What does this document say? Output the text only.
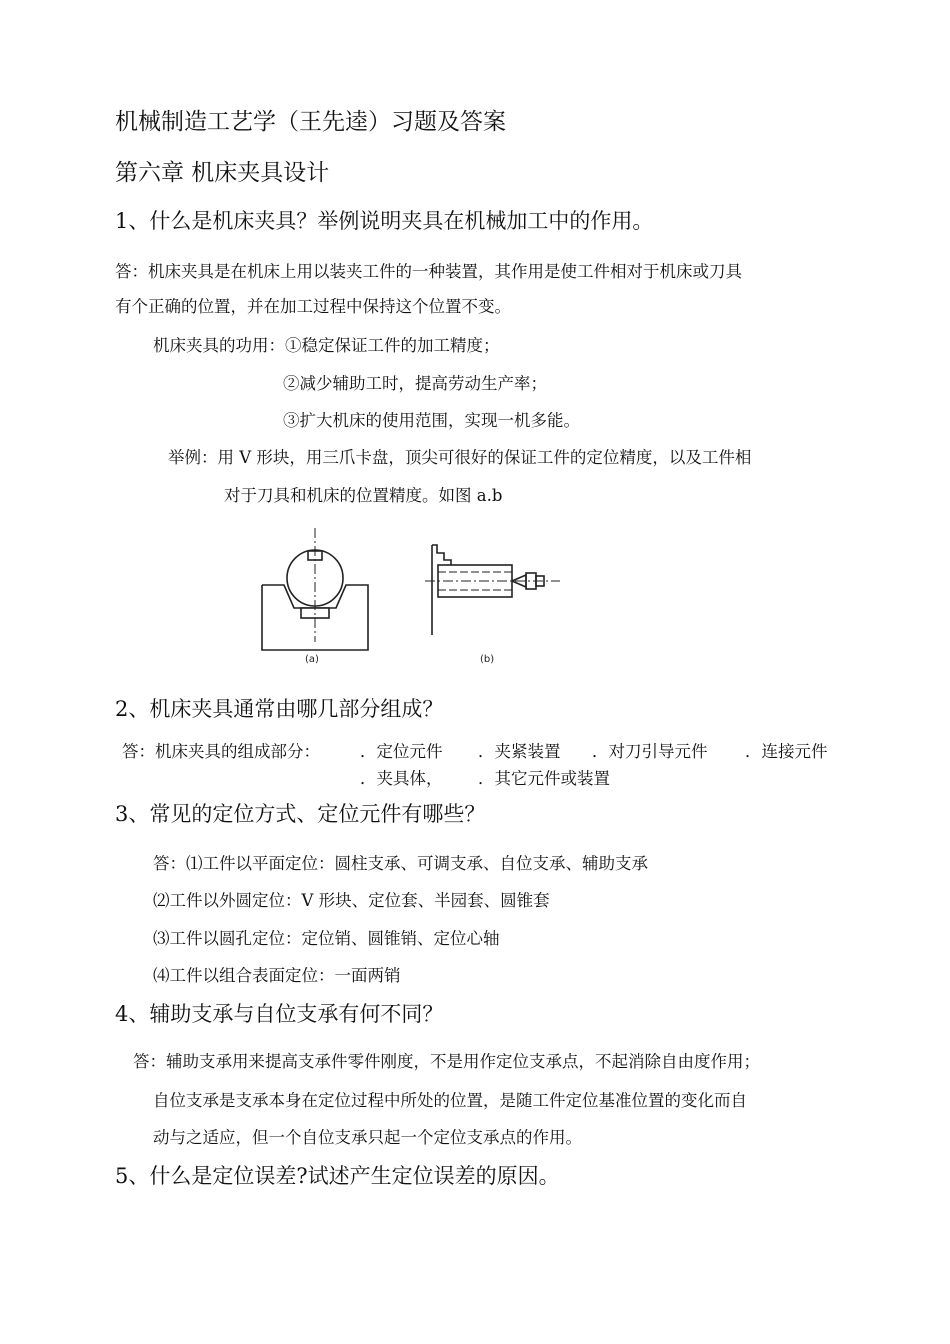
机械制造工艺学（王先逵）习题及答案
第六章 机床夹具设计
1、什么是机床夹具？举例说明夹具在机械加工中的作用。
答：机床夹具是在机床上用以装夹工件的一种装置，其作用是使工件相对于机床或刀具
有个正确的位置，并在加工过程中保持这个位置不变。
机床夹具的功用：①稳定保证工件的加工精度；
②减少辅助工时，提高劳动生产率；
③扩大机床的使用范围，实现一机多能。
举例：用 V 形块，用三爪卡盘，顶尖可很好的保证工件的定位精度，以及工件相
对于刀具和机床的位置精度。如图 a.b
(a)	(b)
2、机床夹具通常由哪几部分组成？
答：机床夹具的组成部分： ．定位元件 ．夹紧装置 ．对刀引导元件 ．连接元件
．夹具体， ．其它元件或装置
3、常见的定位方式、定位元件有哪些？
答：⑴工件以平面定位：圆柱支承、可调支承、自位支承、辅助支承
⑵工件以外圆定位：V 形块、定位套、半园套、圆锥套
⑶工件以圆孔定位：定位销、圆锥销、定位心轴
⑷工件以组合表面定位：一面两销
4、辅助支承与自位支承有何不同？
答：辅助支承用来提高支承件零件刚度，不是用作定位支承点，不起消除自由度作用；
自位支承是支承本身在定位过程中所处的位置，是随工件定位基准位置的变化而自
动与之适应，但一个自位支承只起一个定位支承点的作用。
5、什么是定位误差?试述产生定位误差的原因。
